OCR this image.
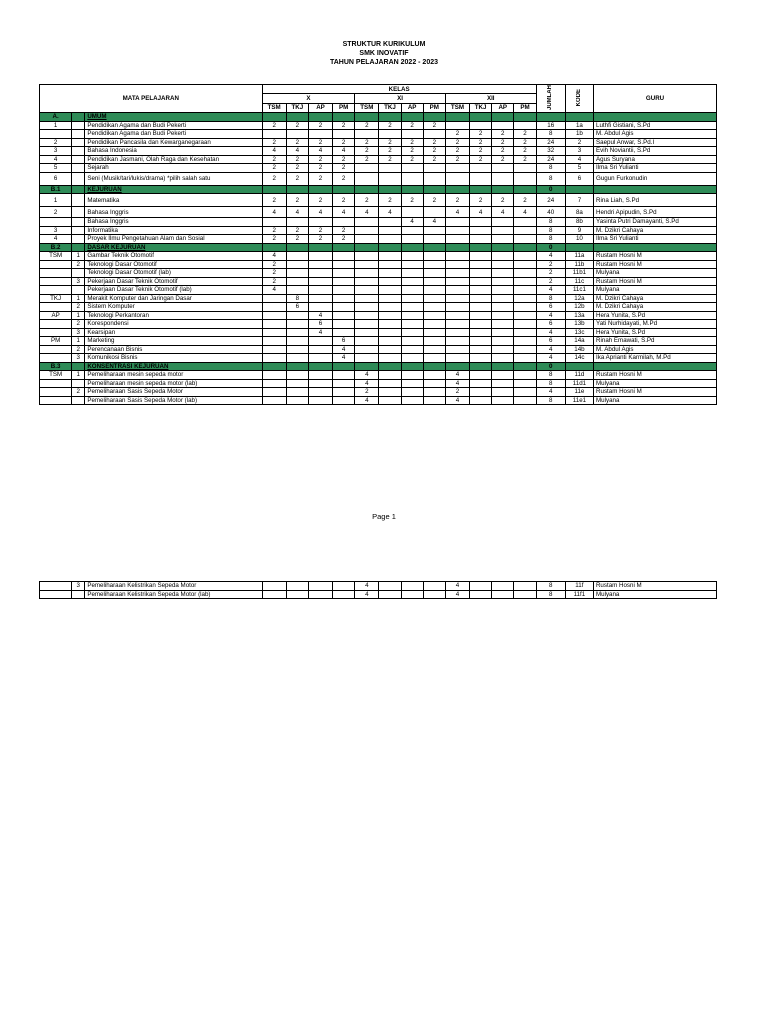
STRUKTUR KURIKULUM
SMK INOVATIF
TAHUN PELAJARAN 2022 - 2023
MATA PELAJARAN			KELAS												JUMLAH	KODE	GURU
			X				XI				XII						
			TSM	TKJ	AP	PM	TSM	TKJ	AP	PM	TSM	TKJ	AP	PM			
A.		UMUM															
1		Pendidikan Agama dan Budi Pekerti	2	2	2	2	2	2	2	2					16	1a	Luthfi Gistiani, S.Pd
		Pendidikan Agama dan Budi Pekerti									2	2	2	2	8	1b	M. Abdul Agis
2		Pendidikan Pancasila dan Kewarganegaraan	2	2	2	2	2	2	2	2	2	2	2	2	24	2	Saepul Anwar, S.Pd.I
3		Bahasa Indonesia	4	4	4	4	2	2	2	2	2	2	2	2	32	3	Evih Noviantii, S.Pd
4		Pendidikan Jasmani, Olah Raga dan Kesehatan	2	2	2	2	2	2	2	2	2	2	2	2	24	4	Agus Suryana
5		Sejarah	2	2	2	2									8	5	Ilma Sri Yulianti
6		Seni (Musik/tari/lukis/drama) *pilih salah satu	2	2	2	2									8	6	Gugun Furkonudin
B.1		KEJURUAN													0		
1		Matematika	2	2	2	2	2	2	2	2	2	2	2	2	24	7	Rina Liah, S.Pd
2		Bahasa Inggris	4	4	4	4	4	4			4	4	4	4	40	8a	Hendri Apipudin, S.Pd
		Bahasa Inggris							4	4					8	8b	Yasinta Putri Damayanti, S.Pd
3		Informatika	2	2	2	2									8	9	M. Dzikri Cahaya
4		Proyek Ilmu Pengetahuan Alam dan Sosial	2	2	2	2									8	10	Ilma Sri Yulianti
B.2		DASAR KEJURUAN													0		
TSM	1	Gambar Teknik Otomotif	4												4	11a	Rustam Hosni M
	2	Teknologi Dasar Otomotif	2												2	11b	Rustam Hosni M
		Teknologi Dasar Otomotif (lab)	2												2	11b1	Mulyana
	3	Pekerjaan Dasar Teknik Otomotif	2												2	11c	Rustam Hosni M
		Pekerjaan Dasar Teknik Otomotif (lab)	4												4	11c1	Mulyana
TKJ	1	Merakit Komputer dan Jaringan Dasar		8											8	12a	M. Dzikri Cahaya
	2	Sistem Komputer		6											6	12b	M. Dzikri Cahaya
AP	1	Teknologi Perkantoran			4										4	13a	Hera Yunita, S.Pd
	2	Korespondensi			6										6	13b	Yati Nurhidayati, M.Pd
	3	Kearsipan			4										4	13c	Hera Yunita, S.Pd
PM	1	Marketing				6									6	14a	Rinah Emawati, S.Pd
	2	Perencanaan Bisnis				4									4	14b	M. Abdul Agis
	3	Komunikosi Bisnis				4									4	14c	Ika Aprianti Karmilah, M.Pd
B.3		KONSENTRASI KEJURUAN													0		
TSM	1	Pemeliharaan mesin sepeda motor					4				4				8	11d	Rustam Hosni M
		Pemeliharaan mesin sepeda motor (lab)					4				4				8	11d1	Mulyana
	2	Pemeliharaan Sasis Sepeda Motor					2				2				4	11e	Rustam Hosni M
		Pemeliharaan Sasis Sepeda Motor (lab)					4				4				8	11e1	Mulyana
Page 1
	3	Pemeliharaan Kelistrikan Sepeda Motor					4				4				8	11f	Rustam Hosni M
		Pemeliharaan Kelistrikan Sepeda Motor (lab)					4				4				8	11f1	Mulyana
